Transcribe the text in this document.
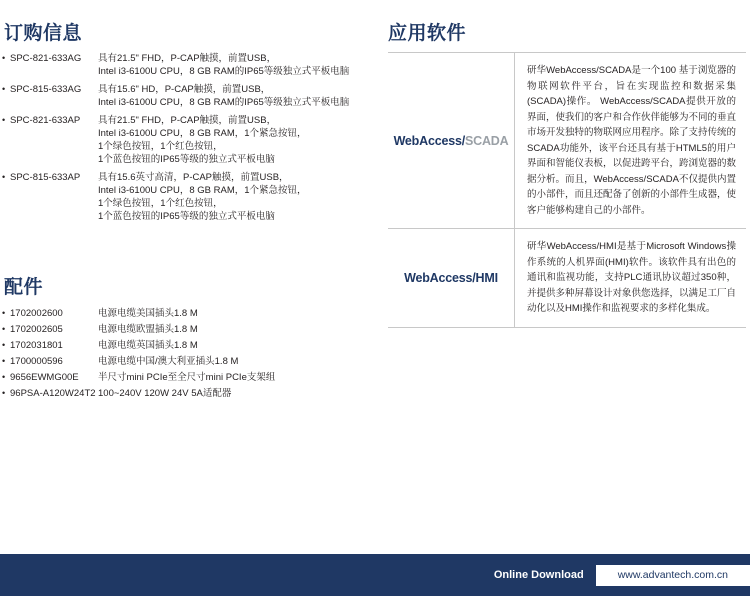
订购信息
• SPC-821-633AG	具有21.5" FHD，P-CAP触摸，前置USB，
Intel i3-6100U CPU，8 GB RAM的IP65等级独立式平板电脑
• SPC-815-633AG	具有15.6" HD，P-CAP触摸，前置USB，
Intel i3-6100U CPU，8 GB RAM的IP65等级独立式平板电脑
• SPC-821-633AP	具有21.5" FHD，P-CAP触摸，前置USB，
Intel i3-6100U CPU，8 GB RAM，1个紧急按钮，
1个绿色按钮，1个红色按钮，
1个蓝色按钮的IP65等级的独立式平板电脑
• SPC-815-633AP	具有15.6英寸高清，P-CAP触摸，前置USB，
Intel i3-6100U CPU，8 GB RAM，1个紧急按钮，
1个绿色按钮，1个红色按钮，
1个蓝色按钮的IP65等级的独立式平板电脑
配件
• 1702002600	电源电缆美国插头1.8 M
• 1702002605	电源电缆欧盟插头1.8 M
• 1702031801	电源电缆英国插头1.8 M
• 1700000596	电源电缆中国/澳大利亚插头1.8 M
• 9656EWMG00E	半尺寸mini PCIe至全尺寸mini PCIe支架组
• 96PSA-A120W24T2 100~240V 120W 24V 5A适配器
应用软件
WebAccess/SCADA
研华WebAccess/SCADA是一个100 基于浏览器的物联网软件平台，旨在实现监控和数据采集(SCADA)操作。 WebAccess/SCADA提供开放的界面，使我们的客户和合作伙伴能够为不同的垂直市场开发独特的物联网应用程序。除了支持传统的SCADA功能外，该平台还具有基于HTML5的用户界面和智能仪表板，以促进跨平台，跨浏览器的数据分析。而且，WebAccess/SCADA不仅提供内置的小部件，而且还配备了创新的小部件生成器，使客户能够构建自己的小部件。
WebAccess/HMI
研华WebAccess/HMI是基于Microsoft Windows操作系统的人机界面(HMI)软件。该软件具有出色的通讯和监视功能，支持PLC通讯协议超过350种，并提供多种屏幕设计对象供您选择，以满足工厂自动化以及HMI操作和监视要求的多样化集成。
Online Download	www.advantech.com.cn
